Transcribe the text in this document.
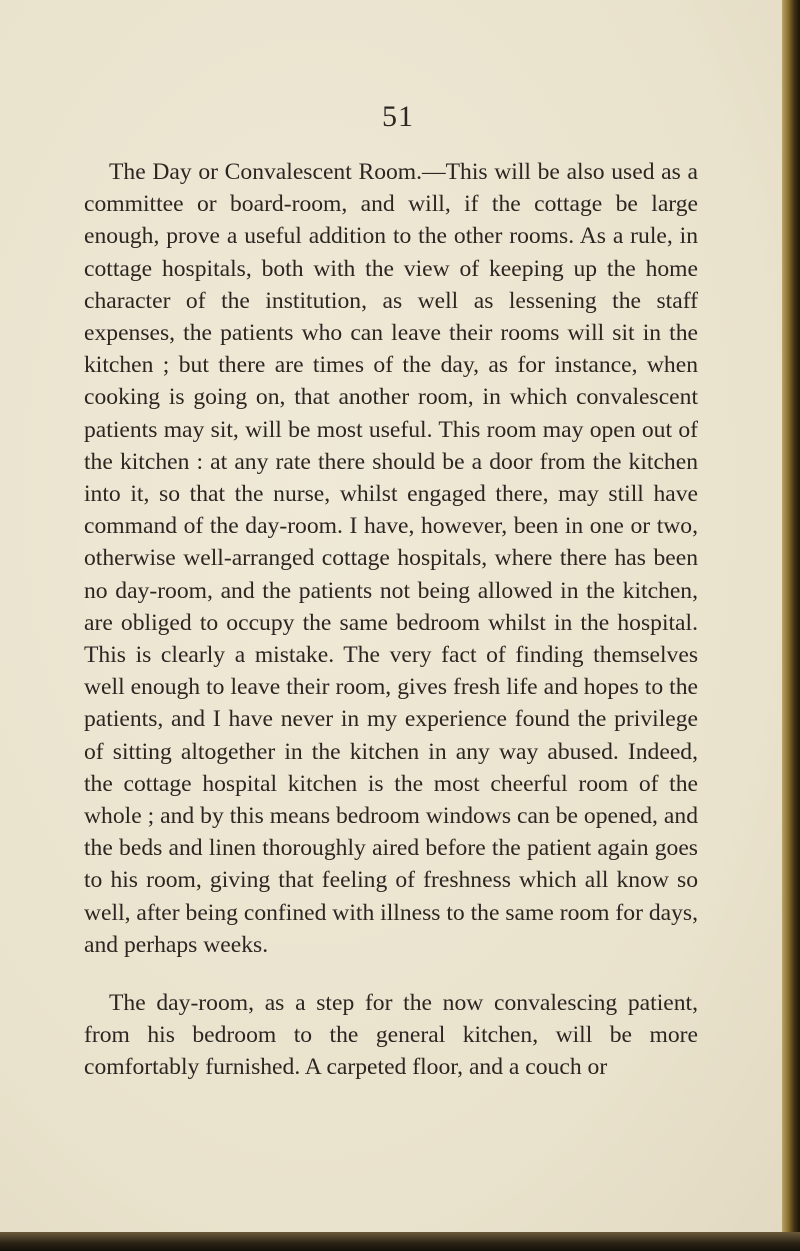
51

The Day or Convalescent Room.—This will be also used as a committee or board-room, and will, if the cottage be large enough, prove a useful addition to the other rooms. As a rule, in cottage hospitals, both with the view of keeping up the home character of the institution, as well as lessening the staff expenses, the patients who can leave their rooms will sit in the kitchen ; but there are times of the day, as for instance, when cooking is going on, that another room, in which convalescent patients may sit, will be most useful. This room may open out of the kitchen : at any rate there should be a door from the kitchen into it, so that the nurse, whilst engaged there, may still have command of the day-room. I have, however, been in one or two, otherwise well-arranged cottage hospitals, where there has been no day-room, and the patients not being allowed in the kitchen, are obliged to occupy the same bedroom whilst in the hospital. This is clearly a mistake. The very fact of finding themselves well enough to leave their room, gives fresh life and hopes to the patients, and I have never in my experience found the privilege of sitting altogether in the kitchen in any way abused. Indeed, the cottage hospital kitchen is the most cheerful room of the whole ; and by this means bedroom windows can be opened, and the beds and linen thoroughly aired before the patient again goes to his room, giving that feeling of freshness which all know so well, after being confined with illness to the same room for days, and perhaps weeks.

The day-room, as a step for the now convalescing patient, from his bedroom to the general kitchen, will be more comfortably furnished. A carpeted floor, and a couch or
